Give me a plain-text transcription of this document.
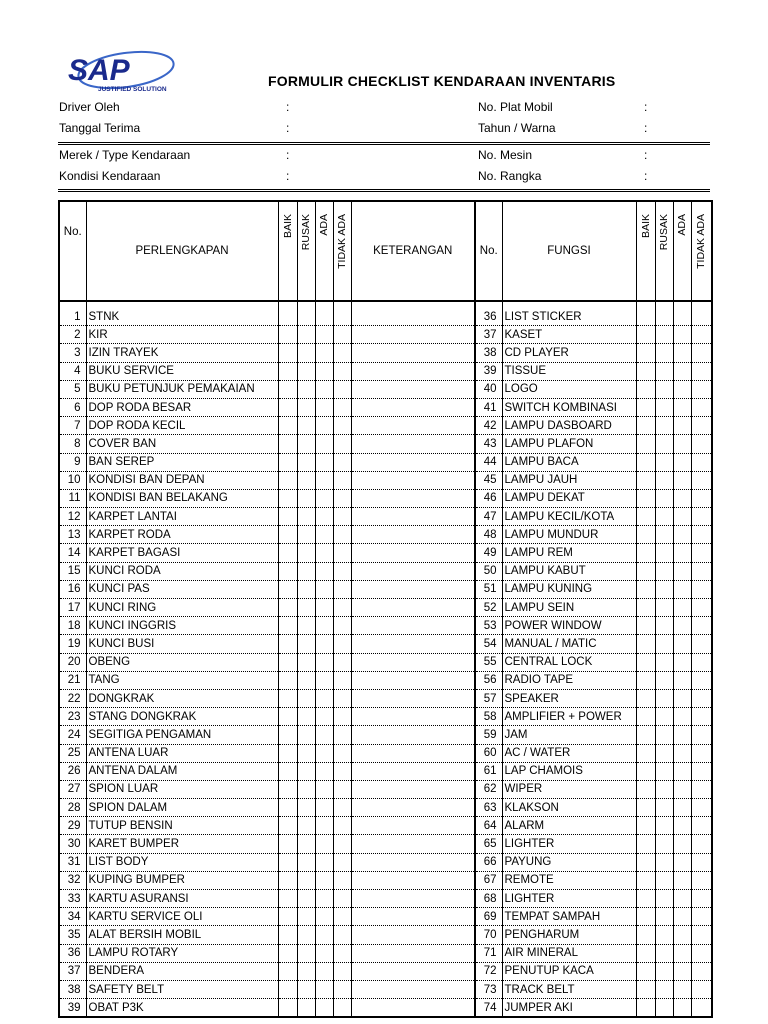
SAP
JUSTIFIED SOLUTION
FORMULIR CHECKLIST KENDARAAN INVENTARIS
Driver Oleh	:
Tanggal Terima	:
No. Plat Mobil	:
Tahun / Warna	:
Merek / Type Kendaraan	:
Kondisi Kendaraan	:
No. Mesin	:
No. Rangka	:
No.	PERLENGKAPAN	BAIK	RUSAK	ADA	TIDAK ADA	KETERANGAN	No.	FUNGSI	BAIK	RUSAK	ADA	TIDAK ADA

1	STNK						36	LIST STICKER				
2	KIR						37	KASET				
3	IZIN TRAYEK						38	CD PLAYER				
4	BUKU SERVICE						39	TISSUE				
5	BUKU PETUNJUK PEMAKAIAN						40	LOGO				
6	DOP RODA BESAR						41	SWITCH KOMBINASI				
7	DOP RODA KECIL						42	LAMPU DASBOARD				
8	COVER BAN						43	LAMPU PLAFON				
9	BAN SEREP						44	LAMPU BACA				
10	KONDISI BAN DEPAN						45	LAMPU JAUH				
11	KONDISI BAN BELAKANG						46	LAMPU DEKAT				
12	KARPET LANTAI						47	LAMPU KECIL/KOTA				
13	KARPET RODA						48	LAMPU MUNDUR				
14	KARPET BAGASI						49	LAMPU REM				
15	KUNCI RODA						50	LAMPU KABUT				
16	KUNCI PAS						51	LAMPU KUNING				
17	KUNCI RING						52	LAMPU SEIN				
18	KUNCI INGGRIS						53	POWER WINDOW				
19	KUNCI BUSI						54	MANUAL / MATIC				
20	OBENG						55	CENTRAL LOCK				
21	TANG						56	RADIO TAPE				
22	DONGKRAK						57	SPEAKER				
23	STANG DONGKRAK						58	AMPLIFIER + POWER				
24	SEGITIGA PENGAMAN						59	JAM				
25	ANTENA LUAR						60	AC / WATER				
26	ANTENA DALAM						61	LAP CHAMOIS				
27	SPION LUAR						62	WIPER				
28	SPION DALAM						63	KLAKSON				
29	TUTUP BENSIN						64	ALARM				
30	KARET BUMPER						65	LIGHTER				
31	LIST BODY						66	PAYUNG				
32	KUPING BUMPER						67	REMOTE				
33	KARTU ASURANSI						68	LIGHTER				
34	KARTU SERVICE OLI						69	TEMPAT SAMPAH				
35	ALAT BERSIH MOBIL						70	PENGHARUM				
36	LAMPU ROTARY						71	AIR MINERAL				
37	BENDERA						72	PENUTUP KACA				
38	SAFETY BELT						73	TRACK BELT				
39	OBAT P3K						74	JUMPER AKI				
